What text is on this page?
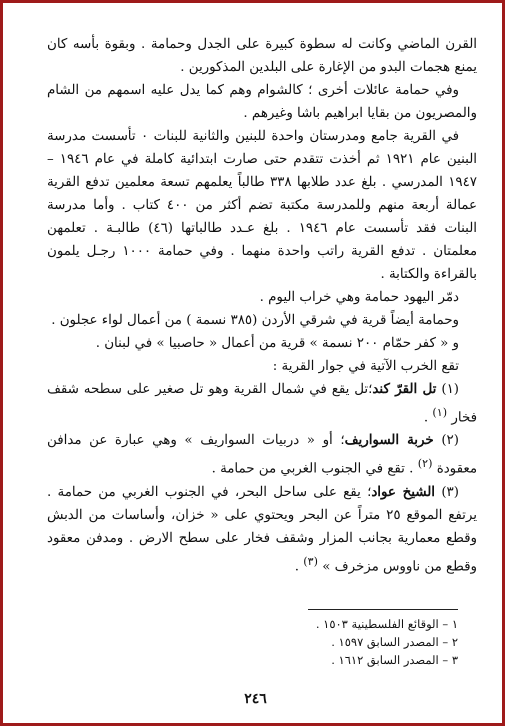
القرن الماضي وكانت له سطوة كبيرة على الجدل وحمامة . وبقوة بأسه كان يمنع هجمات البدو من الإغارة على البلدين المذكورين .

وفي حمامة عائلات أخرى ؛ كالشوام وهم كما يدل عليه اسمهم من الشام والمصريون من بقايا ابراهيم باشا وغيرهم .

في القرية جامع ومدرستان واحدة للبنين والثانية للبنات ٠ تأسست مدرسة البنين عام ١٩٢١ ثم أخذت تتقدم حتى صارت ابتدائية كاملة في عام ١٩٤٦ – ١٩٤٧ المدرسي . بلغ عدد طلابها ٣٣٨ طالباً يعلمهم تسعة معلمين تدفع القرية عمالة أربعة منهم وللمدرسة مكتبة تضم أكثر من ٤٠٠ كتاب . وأما مدرسة البنات فقد تأسست عام ١٩٤٦ . بلغ عـدد طالباتها (٤٦) طالبـة . تعلمهن معلمتان . تدفع القرية راتب واحدة منهما . وفي حمامة ١٠٠٠ رجـل يلمون بالقراءة والكتابة .

دمّر اليهود حمامة وهي خراب اليوم .

وحمامة أيضاً قرية في شرقي الأردن (٣٨٥ نسمة ) من أعمال لواء عجلون .

و « كفر حمّام ٢٠٠ نسمة » قرية من أعمال « حاصبيا » في لبنان .

تقع الخرب الآتية في جوار القرية :

(١) تل القرّ كند؛تل يقع في شمال القرية وهو تل صغير على سطحه شقف فخار $^{(١)}$ .

(٢) خربة السواريف؛ أو « دربيات السواريف » وهي عبارة عن مدافن معقودة $^{(٢)}$ . تقع في الجنوب الغربي من حمامة .

(٣) الشيخ عواد؛ يقع على ساحل البحر، في الجنوب الغربي من حمامة . يرتفع الموقع ٢٥ متراً عن البحر ويحتوي على « خزان، وأساسات من الدبش وقطع معمارية بجانب المزار وشقف فخار على سطح الارض . ومدفن معقود وقطع من ناووس مزخرف » $^{(٣)}$ .

١ – الوقائع الفلسطينية ١٥٠٣ .
٢ – المصدر السابق ١٥٩٧ .
٣ – المصدر السابق ١٦١٢ .
٢٤٦
